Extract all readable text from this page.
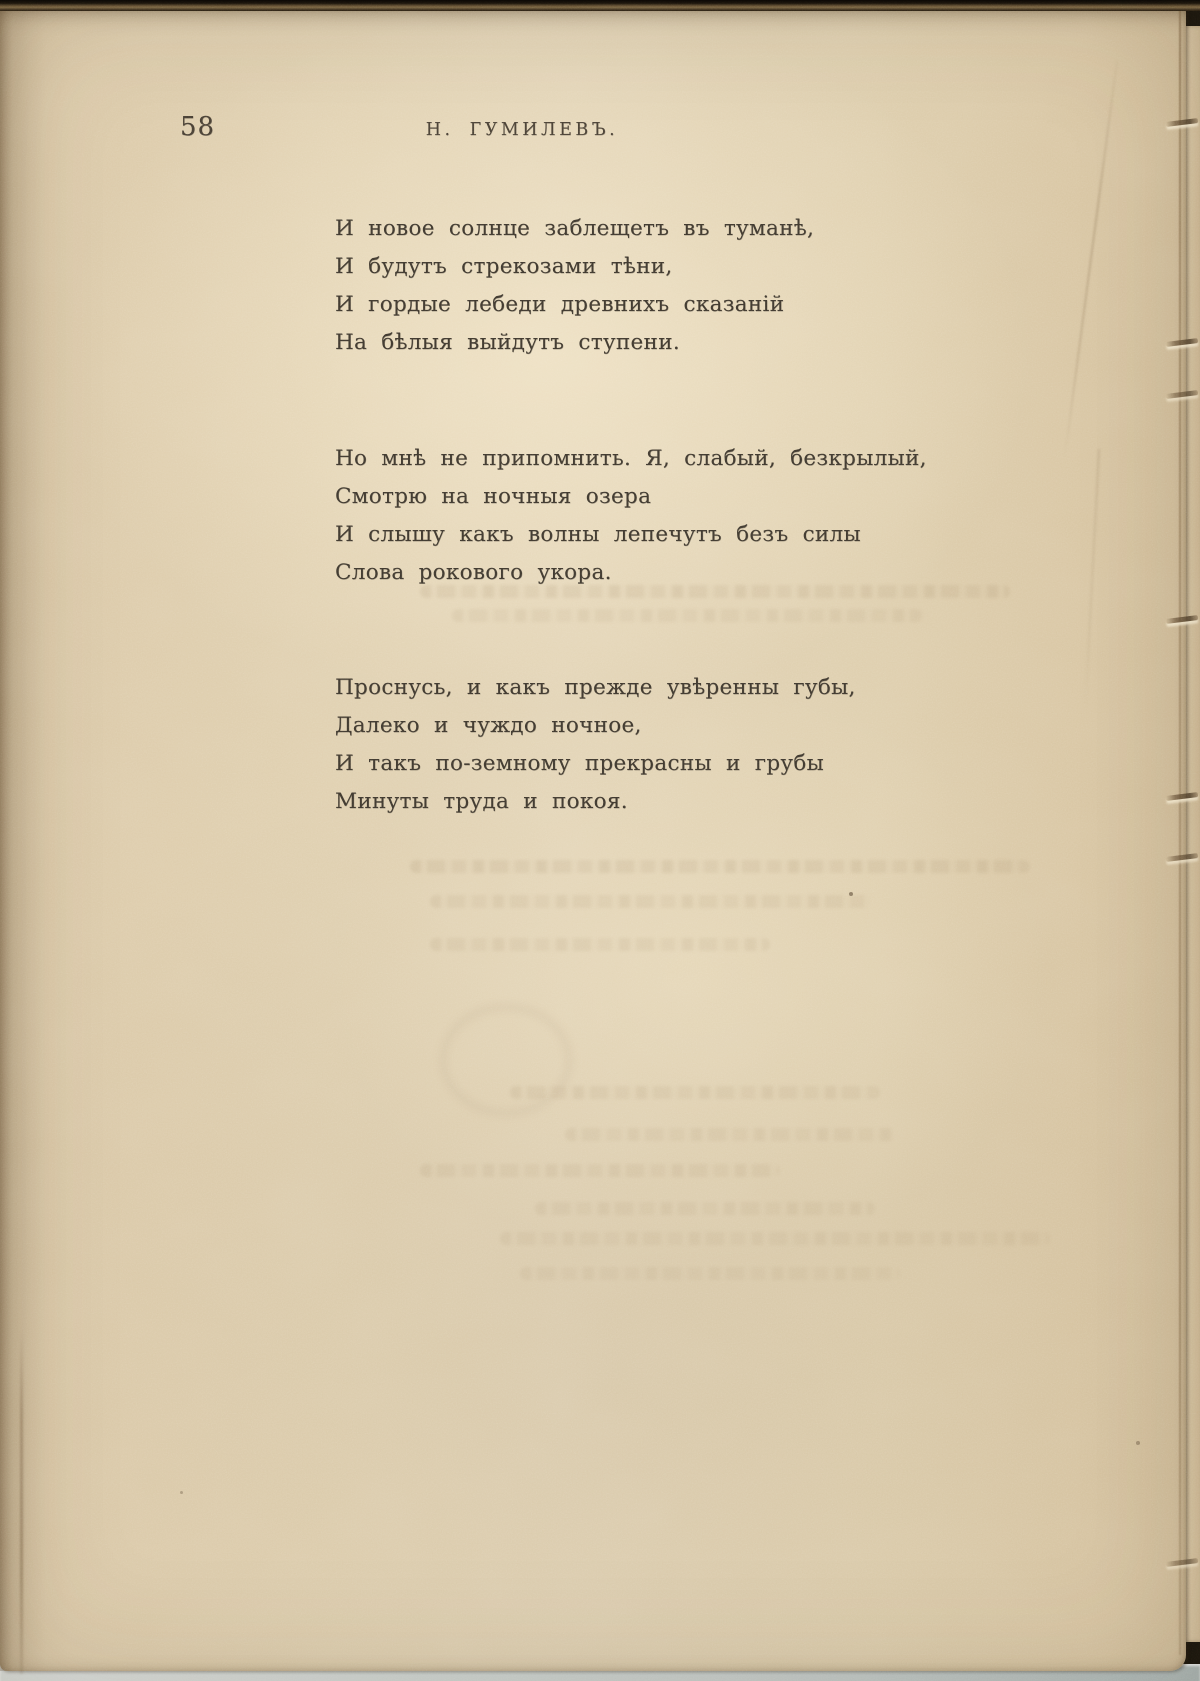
58	Н. ГУМИЛЕВЪ.
И новое солнце заблещетъ въ туманѣ,
И будутъ стрекозами тѣни,
И гордые лебеди древнихъ сказаній
На бѣлыя выйдутъ ступени.
Но мнѣ не припомнить. Я, слабый, безкрылый,
Смотрю на ночныя озера
И слышу какъ волны лепечутъ безъ силы
Слова рокового укора.
Проснусь, и какъ прежде увѣренны губы,
Далеко и чуждо ночное,
И такъ по-земному прекрасны и грубы
Минуты труда и покоя.
